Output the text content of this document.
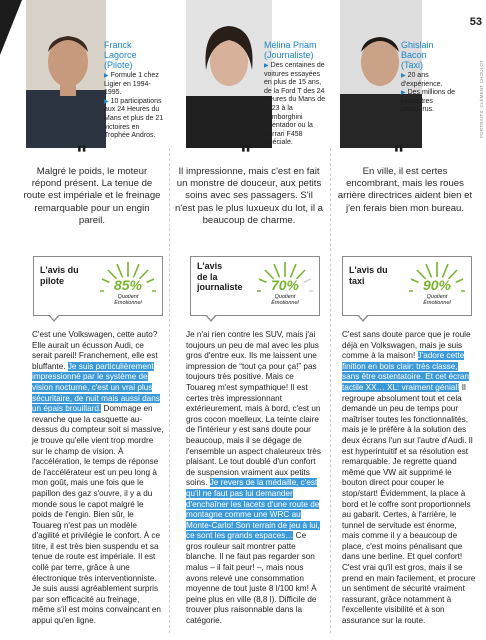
53
PORTRAITS: CLÉMENT CHOULOT
Franck Lagorce
(Pilote)
▶ Formule 1 chez Ligier en 1994-1995.
▶ 10 participations aux 24 Heures du Mans et plus de 21 victoires en Trophée Andros.
Mélina Priam
(Journaliste)
▶ Des centaines de voitures essayées en plus de 15 ans, de la Ford T des 24 Heures du Mans de 1923 à la Lamborghini Aventador ou la Ferrari F458 Spéciale.
Ghislain Bacon
(Taxi)
▶ 20 ans d'expérience.
▶ Des millions de kilomètres parcourus.
"
Malgré le poids, le moteur répond présent. La tenue de route est impériale et le freinage remarquable pour un engin pareil.
"
Il impressionne, mais c'est en fait un monstre de douceur, aux petits soins avec ses passagers. S'il n'est pas le plus luxueux du lot, il a beaucoup de charme.
"
En ville, il est certes encombrant, mais les roues arrière directrices aident bien et j'en ferais bien mon bureau.
L'avis du
pilote	85%
Quotient
Émotionnel
L'avis
de la
journaliste	70%
Quotient
Émotionnel
L'avis du
taxi	90%
Quotient
Émotionnel
C'est une Volkswagen, cette auto? Elle aurait un écusson Audi, ce serait pareil! Franchement, elle est bluffante. Je suis particulièrement impressionné par le système de vision nocturne, c'est un vrai plus sécuritaire, de nuit mais aussi dans un épais brouillard. Dommage en revanche que la casquette au-dessus du compteur soit si massive, je trouve qu'elle vient trop mordre sur le champ de vision. À l'accélération, le temps de réponse de l'accélérateur est un peu long à mon goût, mais une fois que le papillon des gaz s'ouvre, il y a du monde sous le capot malgré le poids de l'engin. Bien sûr, le Touareg n'est pas un modèle d'agilité et privilégie le confort. À ce titre, il est très bien suspendu et sa tenue de route est impériale. Il est collé par terre, grâce à une électronique très interventionniste. Je suis aussi agréablement surpris par son efficacité au freinage, même s'il est moins convaincant en appui qu'en ligne.
Je n'ai rien contre les SUV, mais j'ai toujours un peu de mal avec les plus gros d'entre eux. Ils me laissent une impression de “tout ça pour ça!” pas toujours très positive. Mais ce Touareg m'est sympathique! Il est certes très impressionnant extérieurement, mais à bord, c'est un gros cocon moelleux. La teinte claire de l'intérieur y est sans doute pour beaucoup, mais il se dégage de l'ensemble un aspect chaleureux très plaisant. Le tout doublé d'un confort de suspension vraiment aux petits soins. Je revers de la médaille, c'est qu'il ne faut pas lui demander d'enchaîner les lacets d'une route de montagne comme une WRC au Monte-Carlo! Son terrain de jeu à lui, ce sont les grands espaces… Ce gros rouleur sait montrer patte blanche. Il ne faut pas regarder son malus – il fait peur! –, mais nous avons relevé une consommation moyenne de tout juste 8 l/100 km! À peine plus en ville (8,8 l). Difficile de trouver plus raisonnable dans la catégorie.
C'est sans doute parce que je roule déjà en Volkswagen, mais je suis comme à la maison! J'adore cette finition en bois clair: très classe, sans être ostentatoire. Et cet écran tactile XX… XL: vraiment génial! Il regroupe absolument tout et cela demande un peu de temps pour maîtriser toutes les fonctionnalités, mais je le préfère à la solution des deux écrans l'un sur l'autre d'Audi. Il est hyperintuitif et sa résolution est remarquable. Je regrette quand même que VW ait supprimé le bouton direct pour couper le stop/start! Évidemment, la place à bord et le coffre sont proportionnels au gabarit. Certes, à l'arrière, le tunnel de servitude est énorme, mais comme il y a beaucoup de place, c'est moins pénalisant que dans une berline. Et quel confort! C'est vrai qu'il est gros, mais il se prend en main facilement, et procure un sentiment de sécurité vraiment rassurant, grâce notamment à l'excellente visibilité et à son assurance sur la route.
